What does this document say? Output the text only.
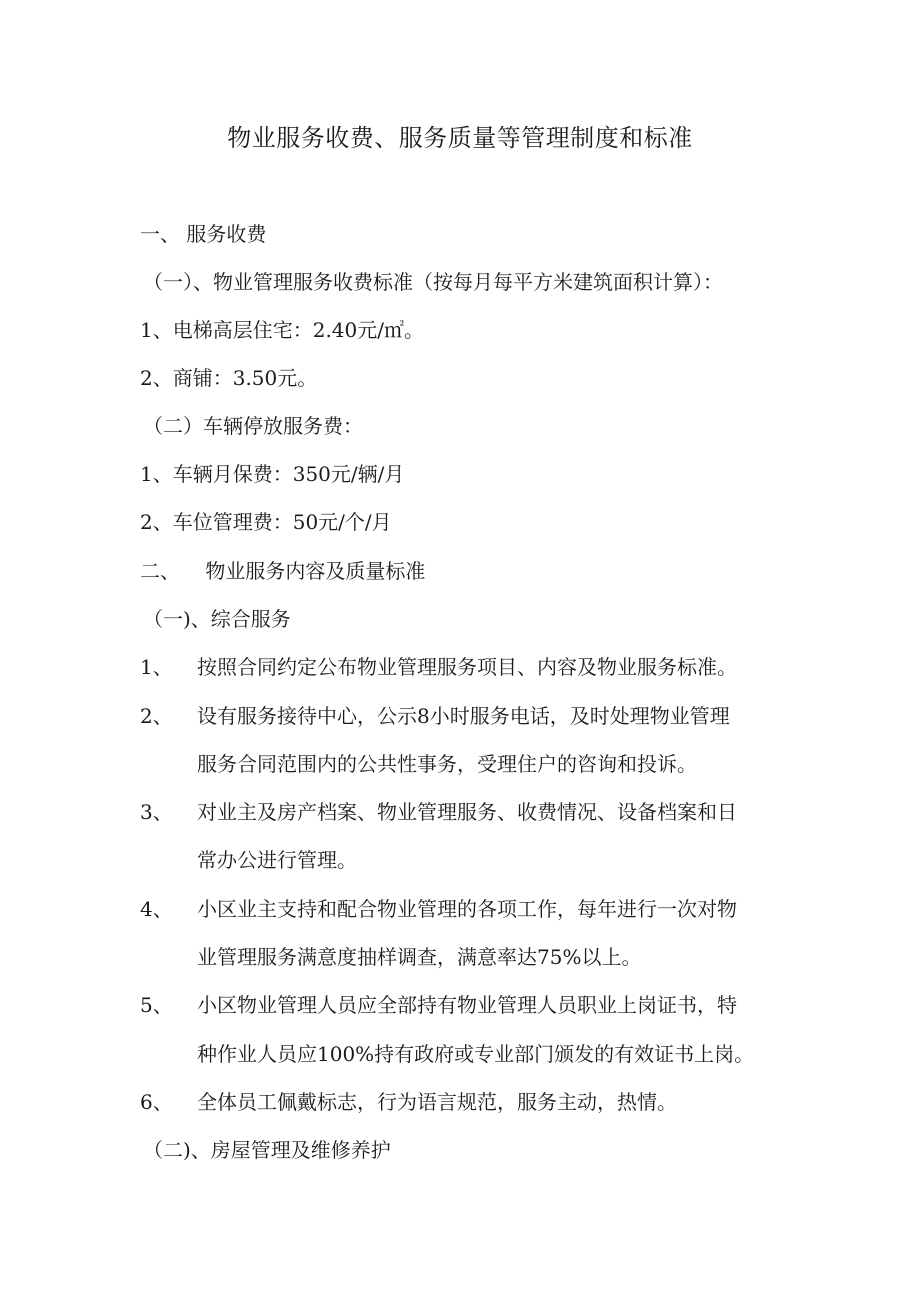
物业服务收费、服务质量等管理制度和标准
一、 服务收费
（一）、物业管理服务收费标准（按每月每平方米建筑面积计算）：
1、电梯高层住宅：2.40元/㎡。
2、商铺：3.50元。
（二）车辆停放服务费：
1、车辆月保费：350元/辆/月
2、车位管理费：50元/个/月
二、    物业服务内容及质量标准
（一)、综合服务
1、 按照合同约定公布物业管理服务项目、内容及物业服务标准。
2、 设有服务接待中心，公示8小时服务电话，及时处理物业管理
服务合同范围内的公共性事务，受理住户的咨询和投诉。
3、 对业主及房产档案、物业管理服务、收费情况、设备档案和日
常办公进行管理。
4、 小区业主支持和配合物业管理的各项工作，每年进行一次对物
业管理服务满意度抽样调查，满意率达75%以上。
5、 小区物业管理人员应全部持有物业管理人员职业上岗证书，特
种作业人员应100%持有政府或专业部门颁发的有效证书上岗。
6、 全体员工佩戴标志，行为语言规范，服务主动，热情。
（二)、房屋管理及维修养护
